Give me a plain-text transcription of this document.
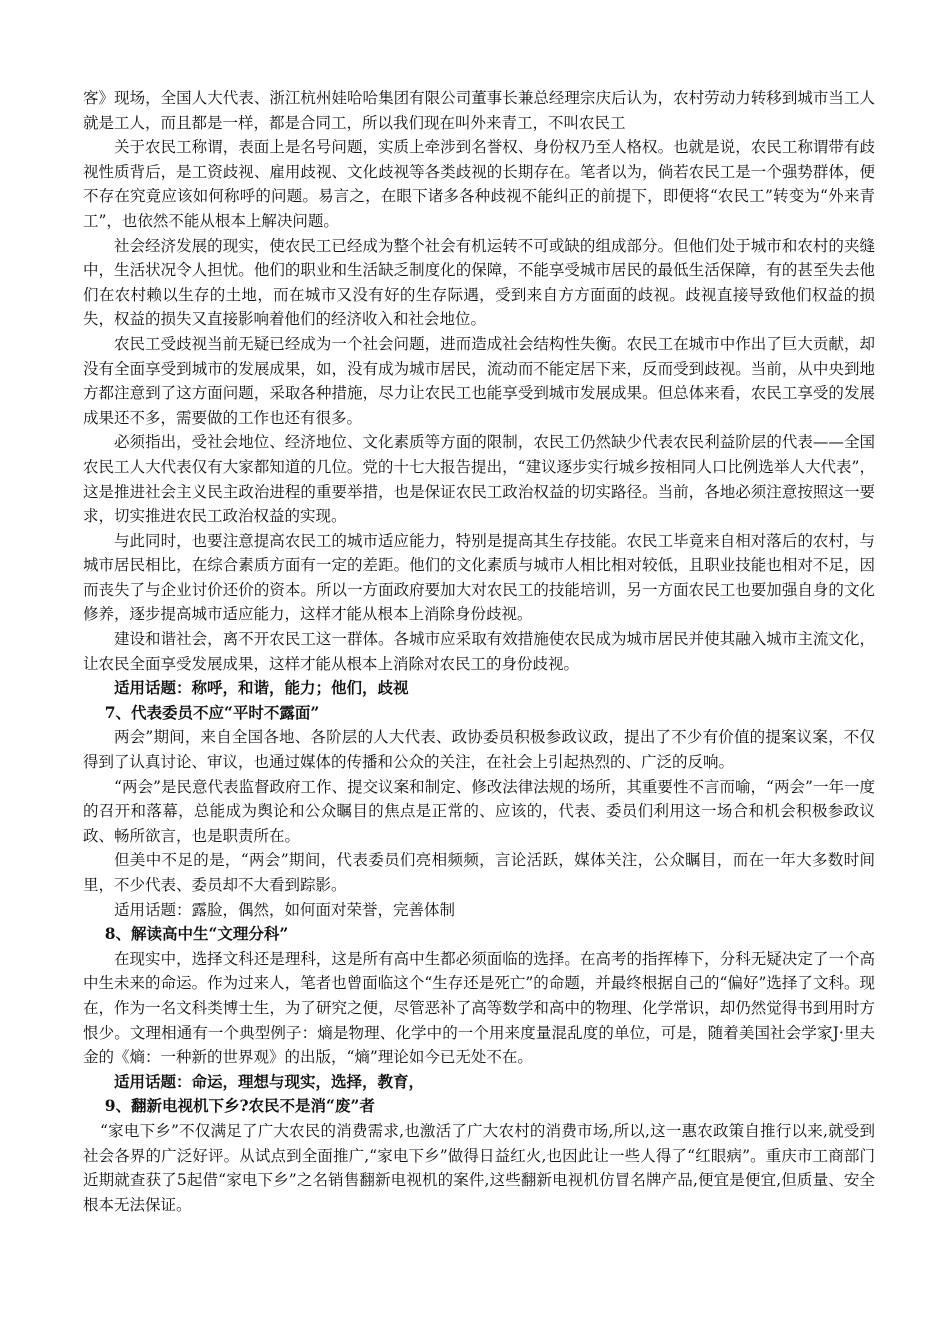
客》现场，全国人大代表、浙江杭州娃哈哈集团有限公司董事长兼总经理宗庆后认为，农村劳动力转移到城市当工人就是工人，而且都是一样，都是合同工，所以我们现在叫外来青工，不叫农民工

关于农民工称谓，表面上是名号问题，实质上牵涉到名誉权、身份权乃至人格权。也就是说，农民工称谓带有歧视性质背后，是工资歧视、雇用歧视、文化歧视等各类歧视的长期存在。笔者以为，倘若农民工是一个强势群体，便不存在究竟应该如何称呼的问题。易言之，在眼下诸多各种歧视不能纠正的前提下，即便将“农民工”转变为“外来青工”，也依然不能从根本上解决问题。

社会经济发展的现实，使农民工已经成为整个社会有机运转不可或缺的组成部分。但他们处于城市和农村的夹缝中，生活状况令人担忧。他们的职业和生活缺乏制度化的保障，不能享受城市居民的最低生活保障，有的甚至失去他们在农村赖以生存的土地，而在城市又没有好的生存际遇，受到来自方方面面的歧视。歧视直接导致他们权益的损失，权益的损失又直接影响着他们的经济收入和社会地位。

农民工受歧视当前无疑已经成为一个社会问题，进而造成社会结构性失衡。农民工在城市中作出了巨大贡献，却没有全面享受到城市的发展成果，如，没有成为城市居民，流动而不能定居下来，反而受到歧视。当前，从中央到地方都注意到了这方面问题，采取各种措施，尽力让农民工也能享受到城市发展成果。但总体来看，农民工享受的发展成果还不多，需要做的工作也还有很多。

必须指出，受社会地位、经济地位、文化素质等方面的限制，农民工仍然缺少代表农民利益阶层的代表——全国农民工人大代表仅有大家都知道的几位。党的十七大报告提出，“建议逐步实行城乡按相同人口比例选举人大代表”，这是推进社会主义民主政治进程的重要举措，也是保证农民工政治权益的切实路径。当前，各地必须注意按照这一要求，切实推进农民工政治权益的实现。

与此同时，也要注意提高农民工的城市适应能力，特别是提高其生存技能。农民工毕竟来自相对落后的农村，与城市居民相比，在综合素质方面有一定的差距。他们的文化素质与城市人相比相对较低，且职业技能也相对不足，因而丧失了与企业讨价还价的资本。所以一方面政府要加大对农民工的技能培训，另一方面农民工也要加强自身的文化修养，逐步提高城市适应能力，这样才能从根本上消除身份歧视。

建设和谐社会，离不开农民工这一群体。各城市应采取有效措施使农民成为城市居民并使其融入城市主流文化，让农民全面享受发展成果，这样才能从根本上消除对农民工的身份歧视。

适用话题：称呼，和谐，能力；他们，歧视

7、代表委员不应“平时不露面”

两会”期间，来自全国各地、各阶层的人大代表、政协委员积极参政议政，提出了不少有价值的提案议案，不仅得到了认真讨论、审议，也通过媒体的传播和公众的关注，在社会上引起热烈的、广泛的反响。

“两会”是民意代表监督政府工作、提交议案和制定、修改法律法规的场所，其重要性不言而喻，“两会”一年一度的召开和落幕，总能成为舆论和公众瞩目的焦点是正常的、应该的，代表、委员们利用这一场合和机会积极参政议政、畅所欲言，也是职责所在。

但美中不足的是，“两会”期间，代表委员们亮相频频，言论活跃，媒体关注，公众瞩目，而在一年大多数时间里，不少代表、委员却不大看到踪影。

适用话题：露脸，偶然，如何面对荣誉，完善体制

8、解读高中生“文理分科”

在现实中，选择文科还是理科，这是所有高中生都必须面临的选择。在高考的指挥棒下，分科无疑决定了一个高中生未来的命运。作为过来人，笔者也曾面临这个“生存还是死亡”的命题，并最终根据自己的“偏好”选择了文科。现在，作为一名文科类博士生，为了研究之便，尽管恶补了高等数学和高中的物理、化学常识，却仍然觉得书到用时方恨少。文理相通有一个典型例子：熵是物理、化学中的一个用来度量混乱度的单位，可是，随着美国社会学家J·里夫金的《熵：一种新的世界观》的出版，“熵”理论如今已无处不在。

适用话题：命运，理想与现实，选择，教育，

9、翻新电视机下乡?农民不是消“废”者

“家电下乡”不仅满足了广大农民的消费需求,也激活了广大农村的消费市场,所以,这一惠农政策自推行以来,就受到社会各界的广泛好评。从试点到全面推广,“家电下乡”做得日益红火,也因此让一些人得了“红眼病”。重庆市工商部门近期就查获了5起借“家电下乡”之名销售翻新电视机的案件,这些翻新电视机仿冒名牌产品,便宜是便宜,但质量、安全根本无法保证。
